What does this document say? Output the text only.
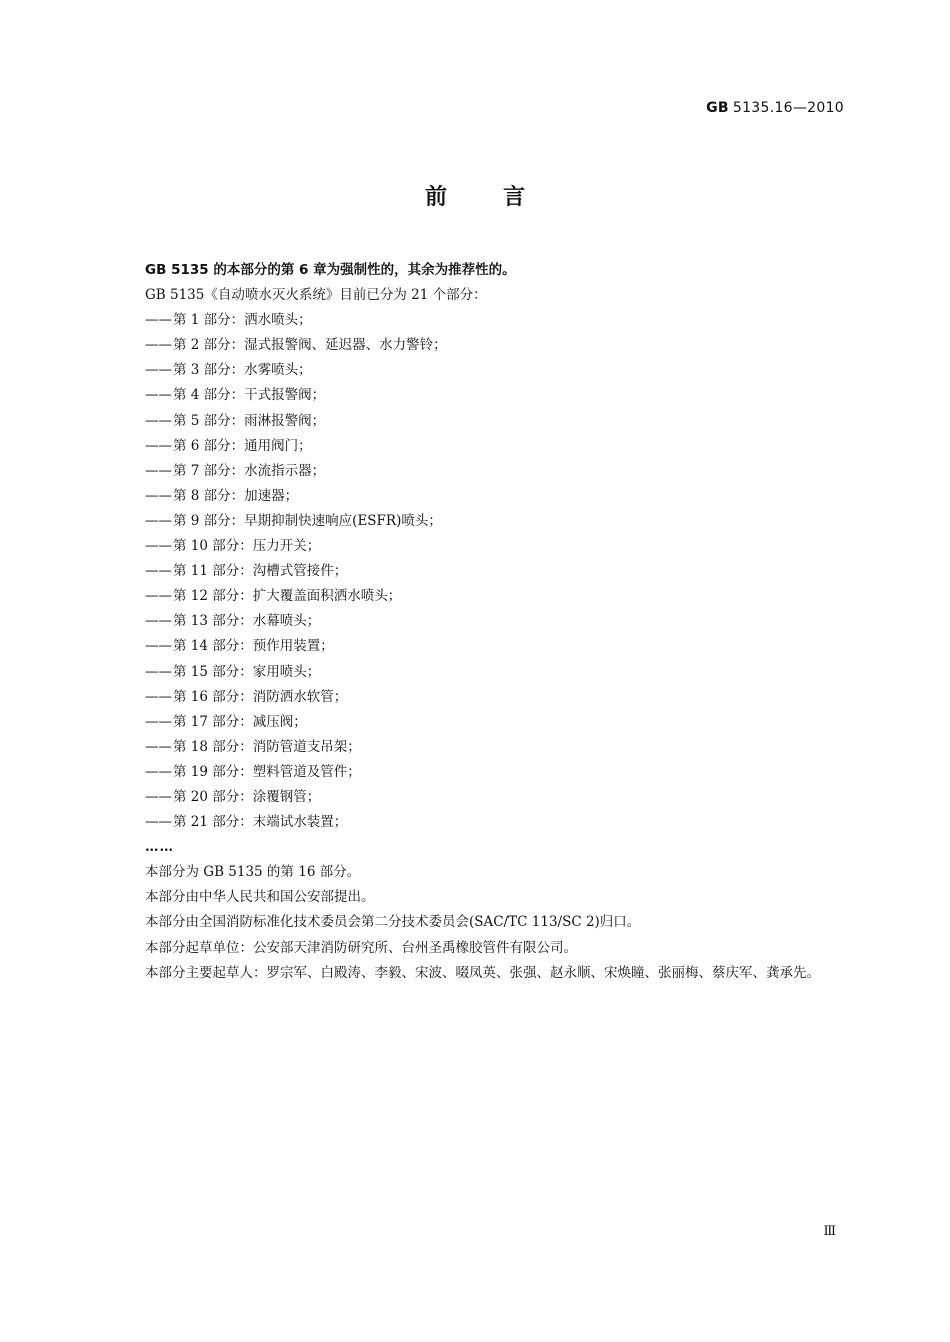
GB 5135.16—2010
前言

GB 5135 的本部分的第 6 章为强制性的，其余为推荐性的。

GB 5135《自动喷水灭火系统》目前已分为 21 个部分：

——第 1 部分：洒水喷头；
——第 2 部分：湿式报警阀、延迟器、水力警铃；
——第 3 部分：水雾喷头；
——第 4 部分：干式报警阀；
——第 5 部分：雨淋报警阀；
——第 6 部分：通用阀门；
——第 7 部分：水流指示器；
——第 8 部分：加速器；
——第 9 部分：早期抑制快速响应(ESFR)喷头；
——第 10 部分：压力开关；
——第 11 部分：沟槽式管接件；
——第 12 部分：扩大覆盖面积洒水喷头；
——第 13 部分：水幕喷头；
——第 14 部分：预作用装置；
——第 15 部分：家用喷头；
——第 16 部分：消防洒水软管；
——第 17 部分：减压阀；
——第 18 部分：消防管道支吊架；
——第 19 部分：塑料管道及管件；
——第 20 部分：涂覆钢管；
——第 21 部分：末端试水装置；

……

本部分为 GB 5135 的第 16 部分。

本部分由中华人民共和国公安部提出。

本部分由全国消防标准化技术委员会第二分技术委员会(SAC/TC 113/SC 2)归口。

本部分起草单位：公安部天津消防研究所、台州圣禹橡胶管件有限公司。

本部分主要起草人：罗宗军、白殿涛、李毅、宋波、啜凤英、张强、赵永顺、宋焕瞳、张丽梅、蔡庆军、龚承先。

Ⅲ
